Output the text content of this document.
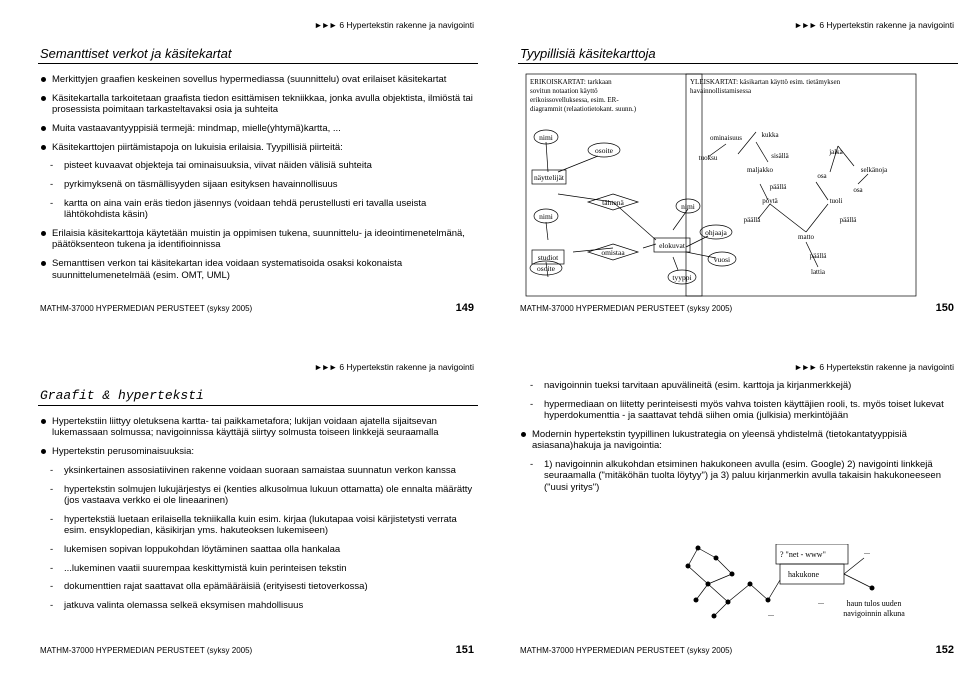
►►► 6 Hypertekstin rakenne ja navigointi
Semanttiset verkot ja käsitekartat
Merkittyjen graafien keskeinen sovellus hypermediassa (suunnittelu) ovat erilaiset käsitekartat
Käsitekartalla tarkoitetaan graafista tiedon esittämisen tekniikkaa, jonka avulla objektista, ilmiöstä tai prosessista poimitaan tarkasteltavaksi osia ja suhteita
Muita vastaavantyyppisiä termejä: mindmap, mielle(yhtymä)kartta, ...
Käsitekarttojen piirtämistapoja on lukuisia erilaisia. Tyypillisiä piirteitä:
- pisteet kuvaavat objekteja tai ominaisuuksia, viivat näiden välisiä suhteita
- pyrkimyksenä on täsmällisyyden sijaan esityksen havainnollisuus
- kartta on aina vain eräs tiedon jäsennys (voidaan tehdä perustellusti eri tavalla useista lähtökohdista käsin)
Erilaisia käsitekarttoja käytetään muistin ja oppimisen tukena, suunnittelu- ja ideointimenetelmänä, päätöksenteon tukena ja identifioinnissa
Semanttisen verkon tai käsitekartan idea voidaan systematisoida osaksi kokonaista suunnittelumenetelmää (esim. OMT, UML)
MATHM-37000 HYPERMEDIAN PERUSTEET (syksy 2005)	149
►►► 6 Hypertekstin rakenne ja navigointi
Tyypillisiä käsitekarttoja
nimi
osoite
näyttelijät
tähtenä
nimi
studiot
osoite
omistaa
elokuvat
nimi
ohjaaja
vuosi
tyyppi
ominaisuus	kukka
tuoksu	sisällä
maljakko
päällä
jalka
selkänoja
osa
osa
pöytä	tuoli
päällä	päällä
matto
päällä
lattia
ERIKOISKARTAT: tarkkaan
sovitun notaation käyttö
erikoissovelluksessa, esim. ER-
diagrammit (relaatiotietokant. suunn.)
YLEISKARTAT: käsikartan käyttö esim. tietämyksen
havainnollistamisessa
MATHM-37000 HYPERMEDIAN PERUSTEET (syksy 2005)	150
►►► 6 Hypertekstin rakenne ja navigointi
Graafit & hyperteksti
Hypertekstiin liittyy oletuksena kartta- tai paikkametafora; lukijan voidaan ajatella sijaitsevan lukemassaan solmussa; navigoinnissa käyttäjä siirtyy solmusta toiseen linkkejä seuraamalla
Hypertekstin perusominaisuuksia:
- yksinkertainen assosiatiivinen rakenne voidaan suoraan samaistaa suunnatun verkon kanssa
- hypertekstin solmujen lukujärjestys ei (kenties alkusolmua lukuun ottamatta) ole ennalta määrätty (jos vastaava verkko ei ole lineaarinen)
- hypertekstiä luetaan erilaisella tekniikalla kuin esim. kirjaa (lukutapaa voisi kärjistetysti verrata esim. ensyklopedian, käsikirjan yms. hakuteoksen lukemiseen)
- lukemisen sopivan loppukohdan löytäminen saattaa olla hankalaa
- ...lukeminen vaatii suurempaa keskittymistä kuin perinteisen tekstin
- dokumenttien rajat saattavat olla epämääräisiä (erityisesti tietoverkossa)
- jatkuva valinta olemassa selkeä eksymisen mahdollisuus
MATHM-37000 HYPERMEDIAN PERUSTEET (syksy 2005)	151
►►► 6 Hypertekstin rakenne ja navigointi
- navigoinnin tueksi tarvitaan apuvälineitä (esim. karttoja ja kirjanmerkkejä)
- hypermediaan on liitetty perinteisesti myös vahva toisten käyttäjien rooli, ts. myös toiset lukevat hyperdokumenttia - ja saattavat tehdä siihen omia (julkisia) merkintöjään
Modernin hypertekstin tyypillinen lukustrategia on yleensä yhdistelmä (tietokantatyyppisiä asiasana)hakuja ja navigointia:
- 1) navigoinnin alkukohdan etsiminen hakukoneen avulla (esim. Google) 2) navigointi linkkejä seuraamalla ("mitäköhän tuolta löytyy") ja 3) paluu kirjanmerkin avulla takaisin hakukoneeseen ("uusi yritys")
? "net - www"
hakukone
...
...
...	haun tulos uuden
navigoinnin alkuna
MATHM-37000 HYPERMEDIAN PERUSTEET (syksy 2005)	152
